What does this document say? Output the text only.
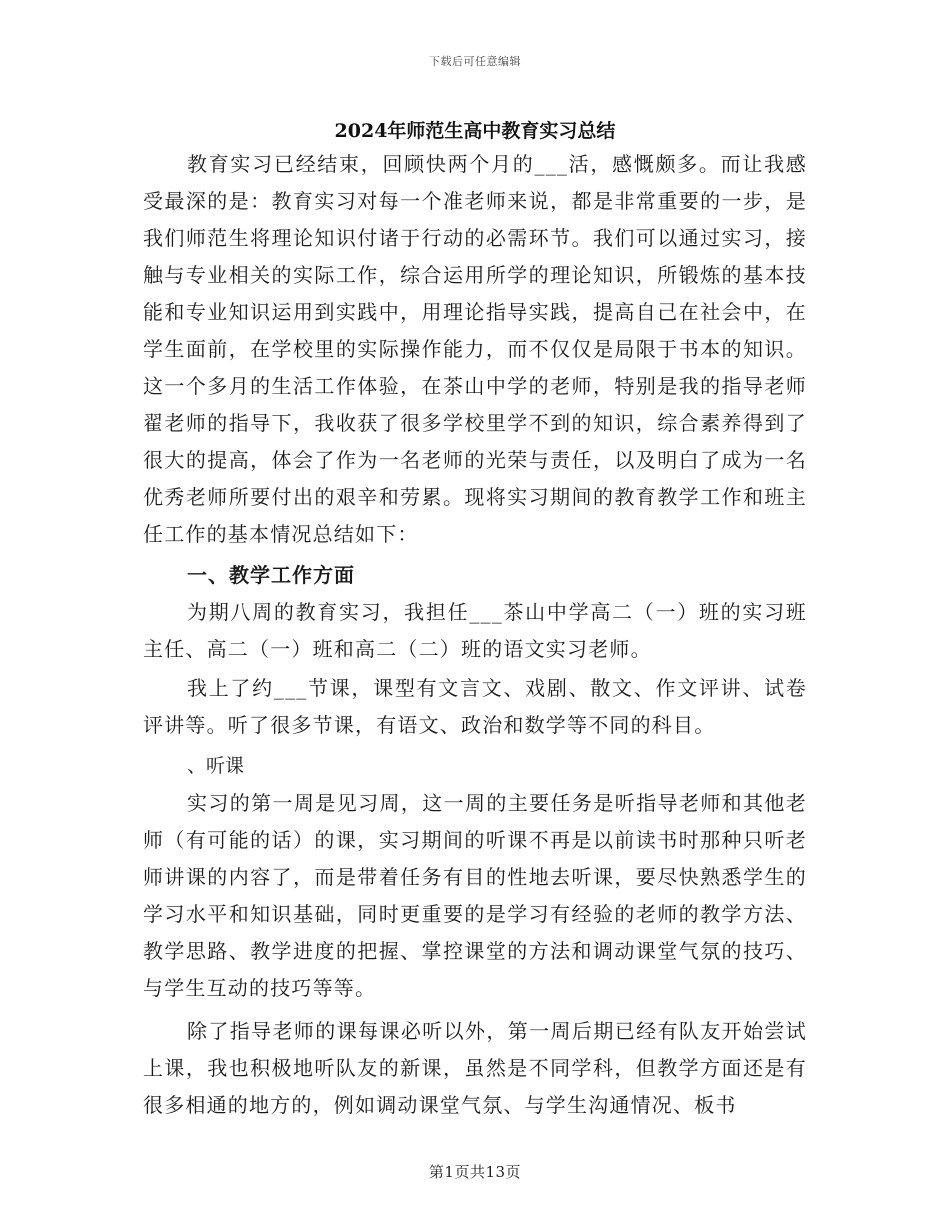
下载后可任意编辑
2024年师范生高中教育实习总结

教育实习已经结束，回顾快两个月的___活，感慨颇多。而让我感受最深的是：教育实习对每一个准老师来说，都是非常重要的一步，是我们师范生将理论知识付诸于行动的必需环节。我们可以通过实习，接触与专业相关的实际工作，综合运用所学的理论知识，所锻炼的基本技能和专业知识运用到实践中，用理论指导实践，提高自己在社会中，在学生面前，在学校里的实际操作能力，而不仅仅是局限于书本的知识。这一个多月的生活工作体验，在茶山中学的老师，特别是我的指导老师翟老师的指导下，我收获了很多学校里学不到的知识，综合素养得到了很大的提高，体会了作为一名老师的光荣与责任，以及明白了成为一名优秀老师所要付出的艰辛和劳累。现将实习期间的教育教学工作和班主任工作的基本情况总结如下：

一、教学工作方面

为期八周的教育实习，我担任___茶山中学高二（一）班的实习班主任、高二（一）班和高二（二）班的语文实习老师。

我上了约___节课，课型有文言文、戏剧、散文、作文评讲、试卷评讲等。听了很多节课，有语文、政治和数学等不同的科目。

、听课

实习的第一周是见习周，这一周的主要任务是听指导老师和其他老师（有可能的话）的课，实习期间的听课不再是以前读书时那种只听老师讲课的内容了，而是带着任务有目的性地去听课，要尽快熟悉学生的学习水平和知识基础，同时更重要的是学习有经验的老师的教学方法、教学思路、教学进度的把握、掌控课堂的方法和调动课堂气氛的技巧、与学生互动的技巧等等。

除了指导老师的课每课必听以外，第一周后期已经有队友开始尝试上课，我也积极地听队友的新课，虽然是不同学科，但教学方面还是有很多相通的地方的，例如调动课堂气氛、与学生沟通情况、板书

第1页共13页
